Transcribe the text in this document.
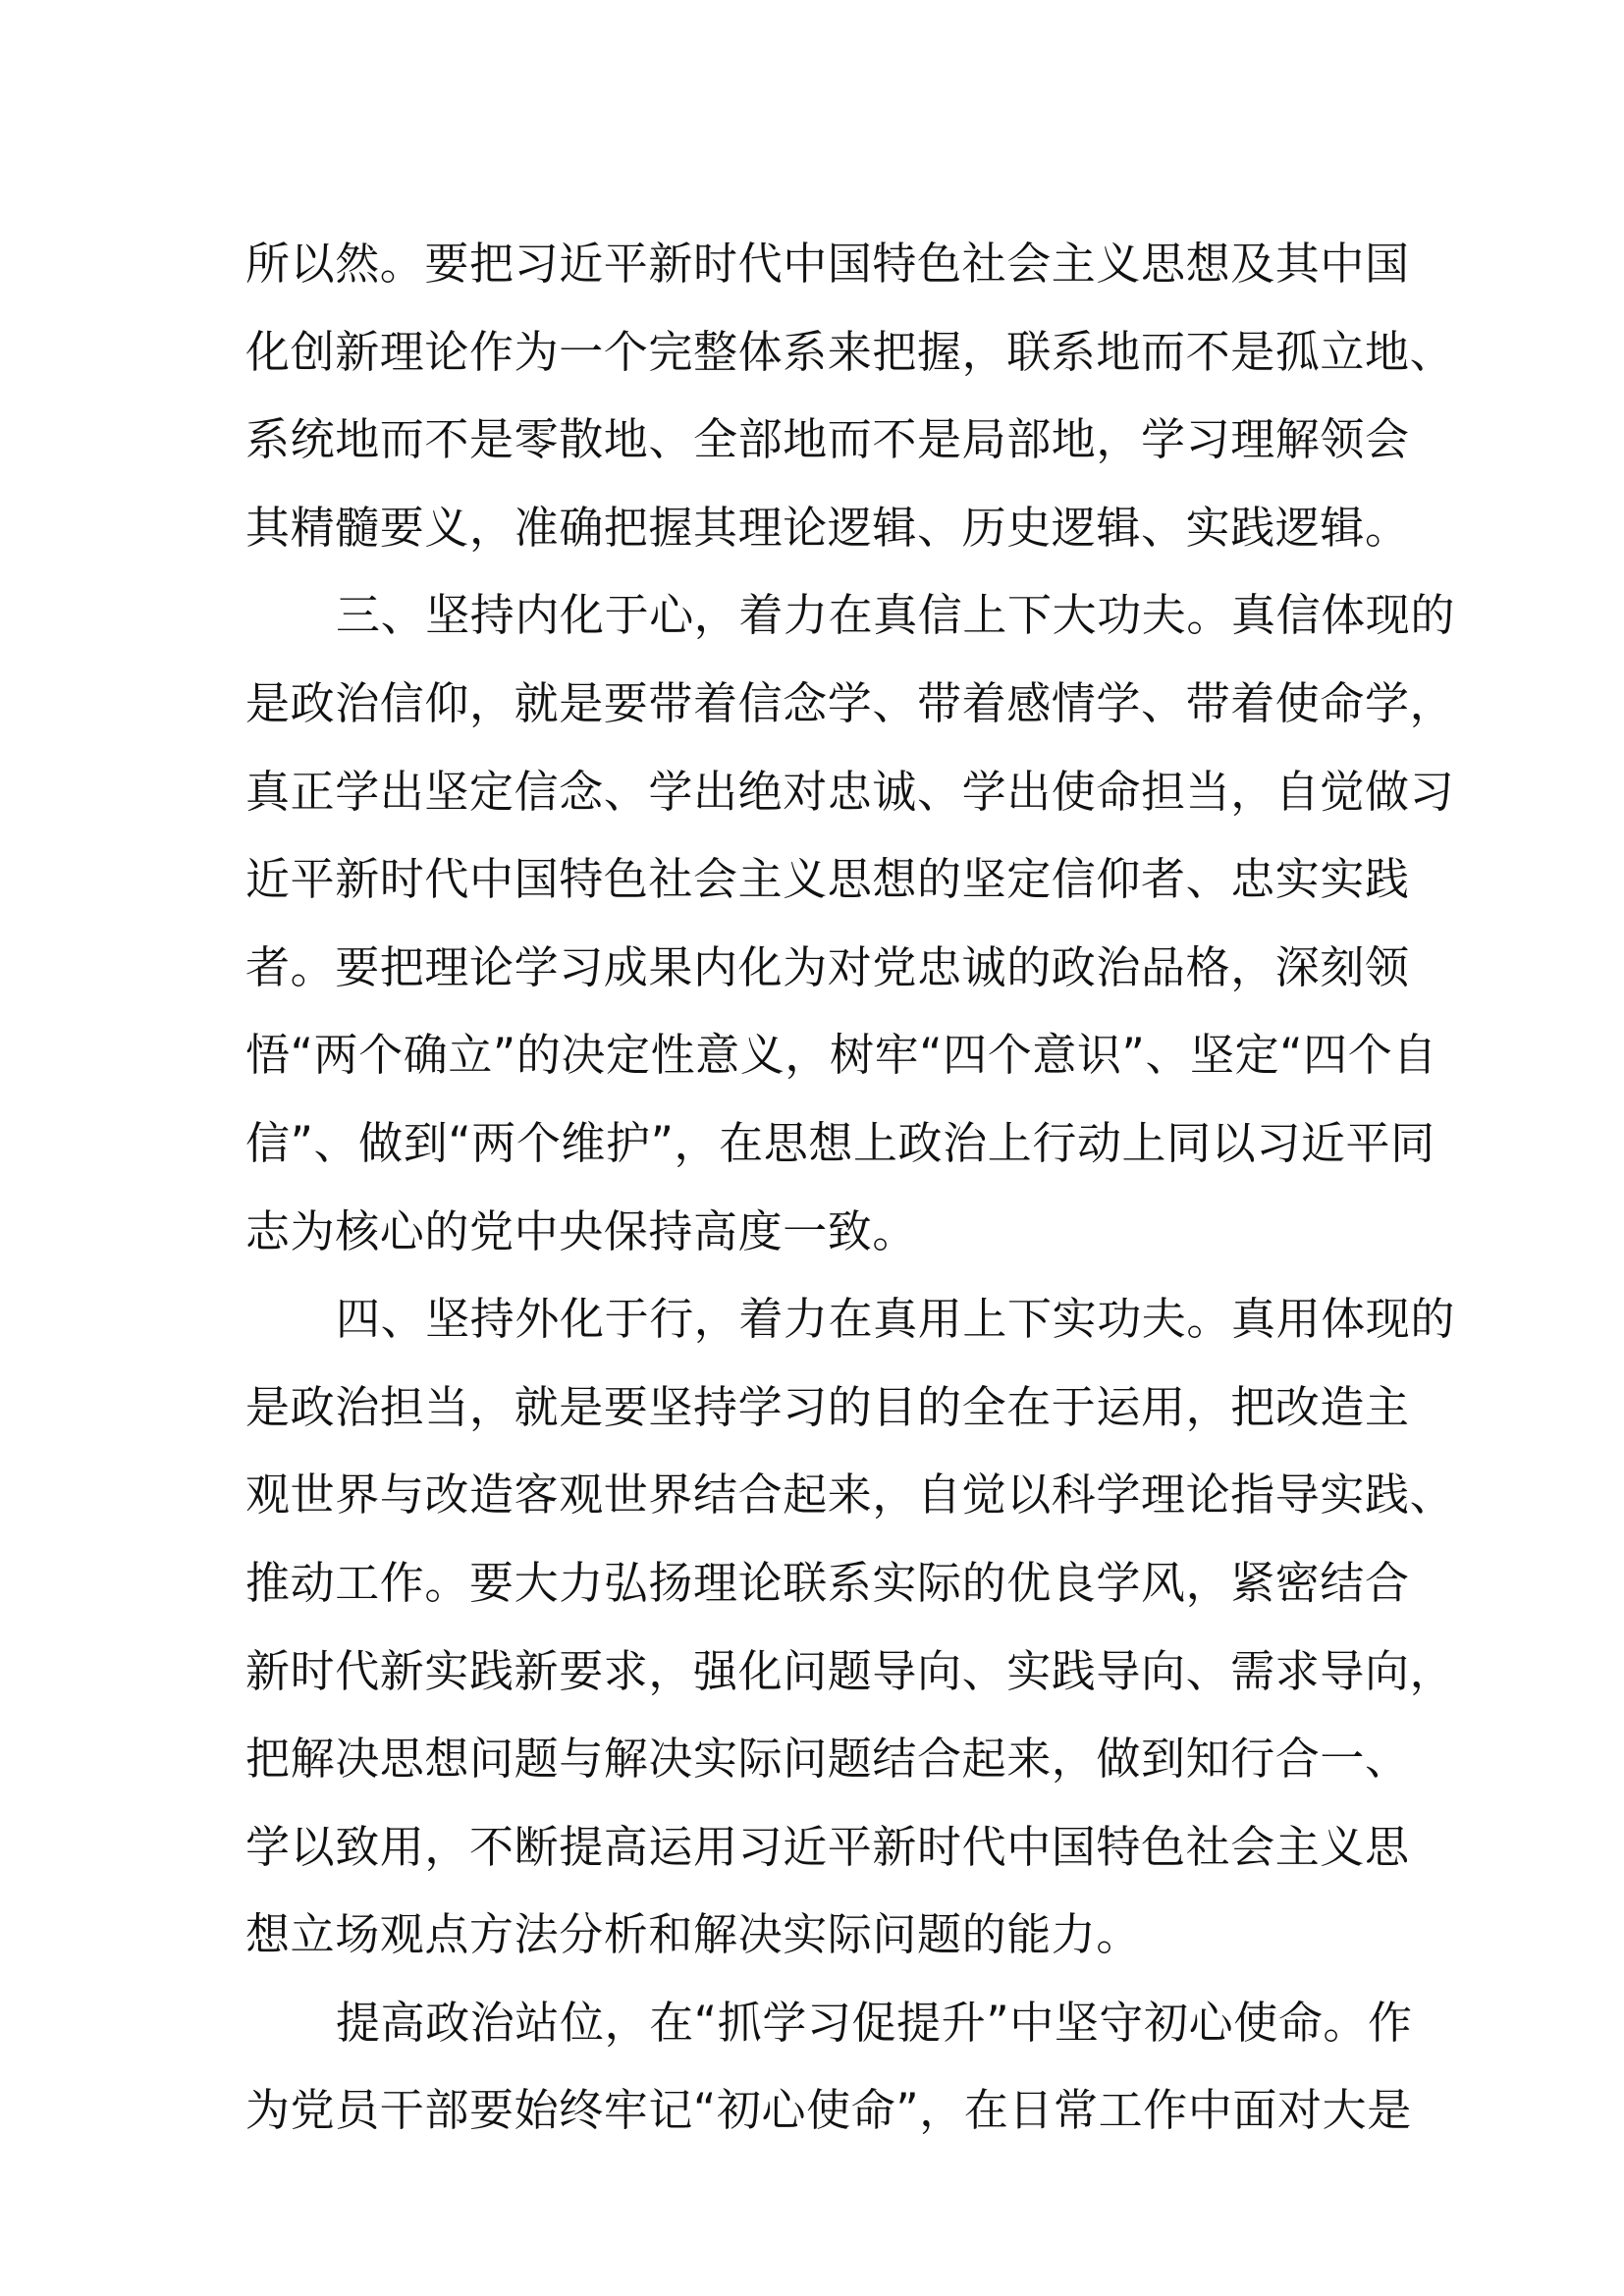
所以然。要把习近平新时代中国特色社会主义思想及其中国
化创新理论作为一个完整体系来把握，联系地而不是孤立地、
系统地而不是零散地、全部地而不是局部地，学习理解领会
其精髓要义，准确把握其理论逻辑、历史逻辑、实践逻辑。
三、坚持内化于心，着力在真信上下大功夫。真信体现的
是政治信仰，就是要带着信念学、带着感情学、带着使命学，
真正学出坚定信念、学出绝对忠诚、学出使命担当，自觉做习
近平新时代中国特色社会主义思想的坚定信仰者、忠实实践
者。要把理论学习成果内化为对党忠诚的政治品格，深刻领
悟“两个确立”的决定性意义，树牢“四个意识”、坚定“四个自
信”、做到“两个维护”，在思想上政治上行动上同以习近平同
志为核心的党中央保持高度一致。
四、坚持外化于行，着力在真用上下实功夫。真用体现的
是政治担当，就是要坚持学习的目的全在于运用，把改造主
观世界与改造客观世界结合起来，自觉以科学理论指导实践、
推动工作。要大力弘扬理论联系实际的优良学风，紧密结合
新时代新实践新要求，强化问题导向、实践导向、需求导向，
把解决思想问题与解决实际问题结合起来，做到知行合一、
学以致用，不断提高运用习近平新时代中国特色社会主义思
想立场观点方法分析和解决实际问题的能力。
提高政治站位，在“抓学习促提升”中坚守初心使命。作
为党员干部要始终牢记“初心使命”，在日常工作中面对大是
